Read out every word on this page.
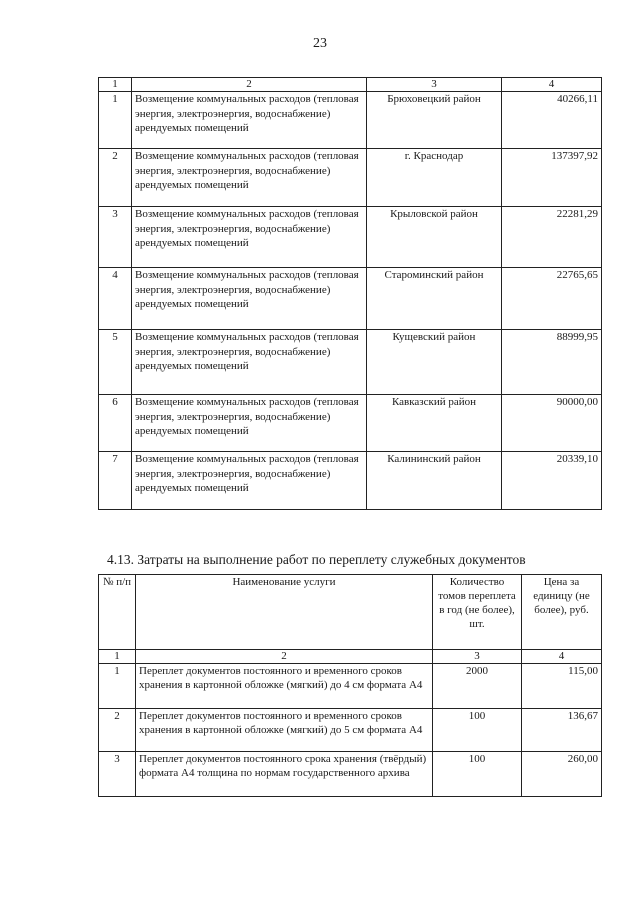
23
1	2	3	4
1	Возмещение коммунальных расходов (тепловая энергия, электроэнергия, водоснабжение) арендуемых помещений	Брюховецкий район	40266,11
2	Возмещение коммунальных расходов (тепловая энергия, электроэнергия, водоснабжение) арендуемых помещений	г. Краснодар	137397,92
3	Возмещение коммунальных расходов (тепловая энергия, электроэнергия, водоснабжение) арендуемых помещений	Крыловской район	22281,29
4	Возмещение коммунальных расходов (тепловая энергия, электроэнергия, водоснабжение) арендуемых помещений	Староминский район	22765,65
5	Возмещение коммунальных расходов (тепловая энергия, электроэнергия, водоснабжение) арендуемых помещений	Кущевский район	88999,95
6	Возмещение коммунальных расходов (тепловая энергия, электроэнергия, водоснабжение) арендуемых помещений	Кавказский район	90000,00
7	Возмещение коммунальных расходов (тепловая энергия, электроэнергия, водоснабжение) арендуемых помещений	Калининский район	20339,10
4.13. Затраты на выполнение работ по переплету служебных документов
№ п/п	Наименование услуги	Количество томов переплета в год (не более), шт.	Цена за единицу (не более), руб.
1	2	3	4
1	Переплет документов постоянного и временного сроков хранения в картонной обложке (мягкий) до 4 см формата А4	2000	115,00
2	Переплет документов постоянного и временного сроков хранения в картонной обложке (мягкий) до 5 см формата А4	100	136,67
3	Переплет документов постоянного срока хранения (твёрдый) формата А4 толщина по нормам государственного архива	100	260,00
